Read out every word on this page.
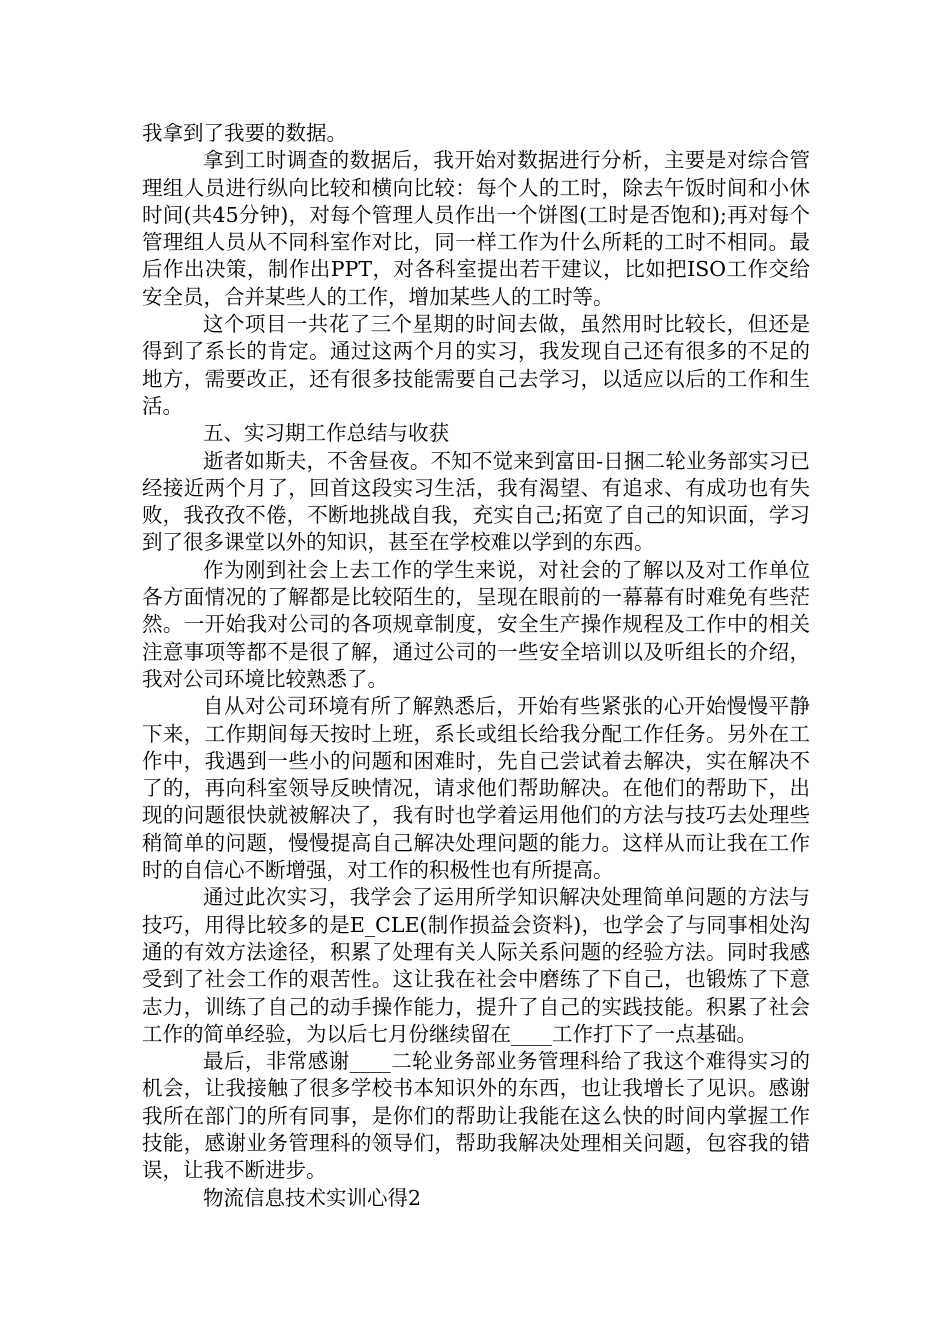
我拿到了我要的数据。

拿到工时调查的数据后，我开始对数据进行分析，主要是对综合管理组人员进行纵向比较和横向比较：每个人的工时，除去午饭时间和小休时间(共45分钟)，对每个管理人员作出一个饼图(工时是否饱和);再对每个管理组人员从不同科室作对比，同一样工作为什么所耗的工时不相同。最后作出决策，制作出PPT，对各科室提出若干建议，比如把ISO工作交给安全员，合并某些人的工作，增加某些人的工时等。

这个项目一共花了三个星期的时间去做，虽然用时比较长，但还是得到了系长的肯定。通过这两个月的实习，我发现自己还有很多的不足的地方，需要改正，还有很多技能需要自己去学习，以适应以后的工作和生活。

五、实习期工作总结与收获

逝者如斯夫，不舍昼夜。不知不觉来到富田-日捆二轮业务部实习已经接近两个月了，回首这段实习生活，我有渴望、有追求、有成功也有失败，我孜孜不倦，不断地挑战自我，充实自己;拓宽了自己的知识面，学习到了很多课堂以外的知识，甚至在学校难以学到的东西。

作为刚到社会上去工作的学生来说，对社会的了解以及对工作单位各方面情况的了解都是比较陌生的，呈现在眼前的一幕幕有时难免有些茫然。一开始我对公司的各项规章制度，安全生产操作规程及工作中的相关注意事项等都不是很了解，通过公司的一些安全培训以及听组长的介绍，我对公司环境比较熟悉了。

自从对公司环境有所了解熟悉后，开始有些紧张的心开始慢慢平静下来，工作期间每天按时上班，系长或组长给我分配工作任务。另外在工作中，我遇到一些小的问题和困难时，先自己尝试着去解决，实在解决不了的，再向科室领导反映情况，请求他们帮助解决。在他们的帮助下，出现的问题很快就被解决了，我有时也学着运用他们的方法与技巧去处理些稍简单的问题，慢慢提高自己解决处理问题的能力。这样从而让我在工作时的自信心不断增强，对工作的积极性也有所提高。

通过此次实习，我学会了运用所学知识解决处理简单问题的方法与技巧，用得比较多的是E_CLE(制作损益会资料)，也学会了与同事相处沟通的有效方法途径，积累了处理有关人际关系问题的经验方法。同时我感受到了社会工作的艰苦性。这让我在社会中磨练了下自己，也锻炼了下意志力，训练了自己的动手操作能力，提升了自己的实践技能。积累了社会工作的简单经验，为以后七月份继续留在____工作打下了一点基础。

最后，非常感谢____二轮业务部业务管理科给了我这个难得实习的机会，让我接触了很多学校书本知识外的东西，也让我增长了见识。感谢我所在部门的所有同事，是你们的帮助让我能在这么快的时间内掌握工作技能，感谢业务管理科的领导们，帮助我解决处理相关问题，包容我的错误，让我不断进步。

物流信息技术实训心得2
